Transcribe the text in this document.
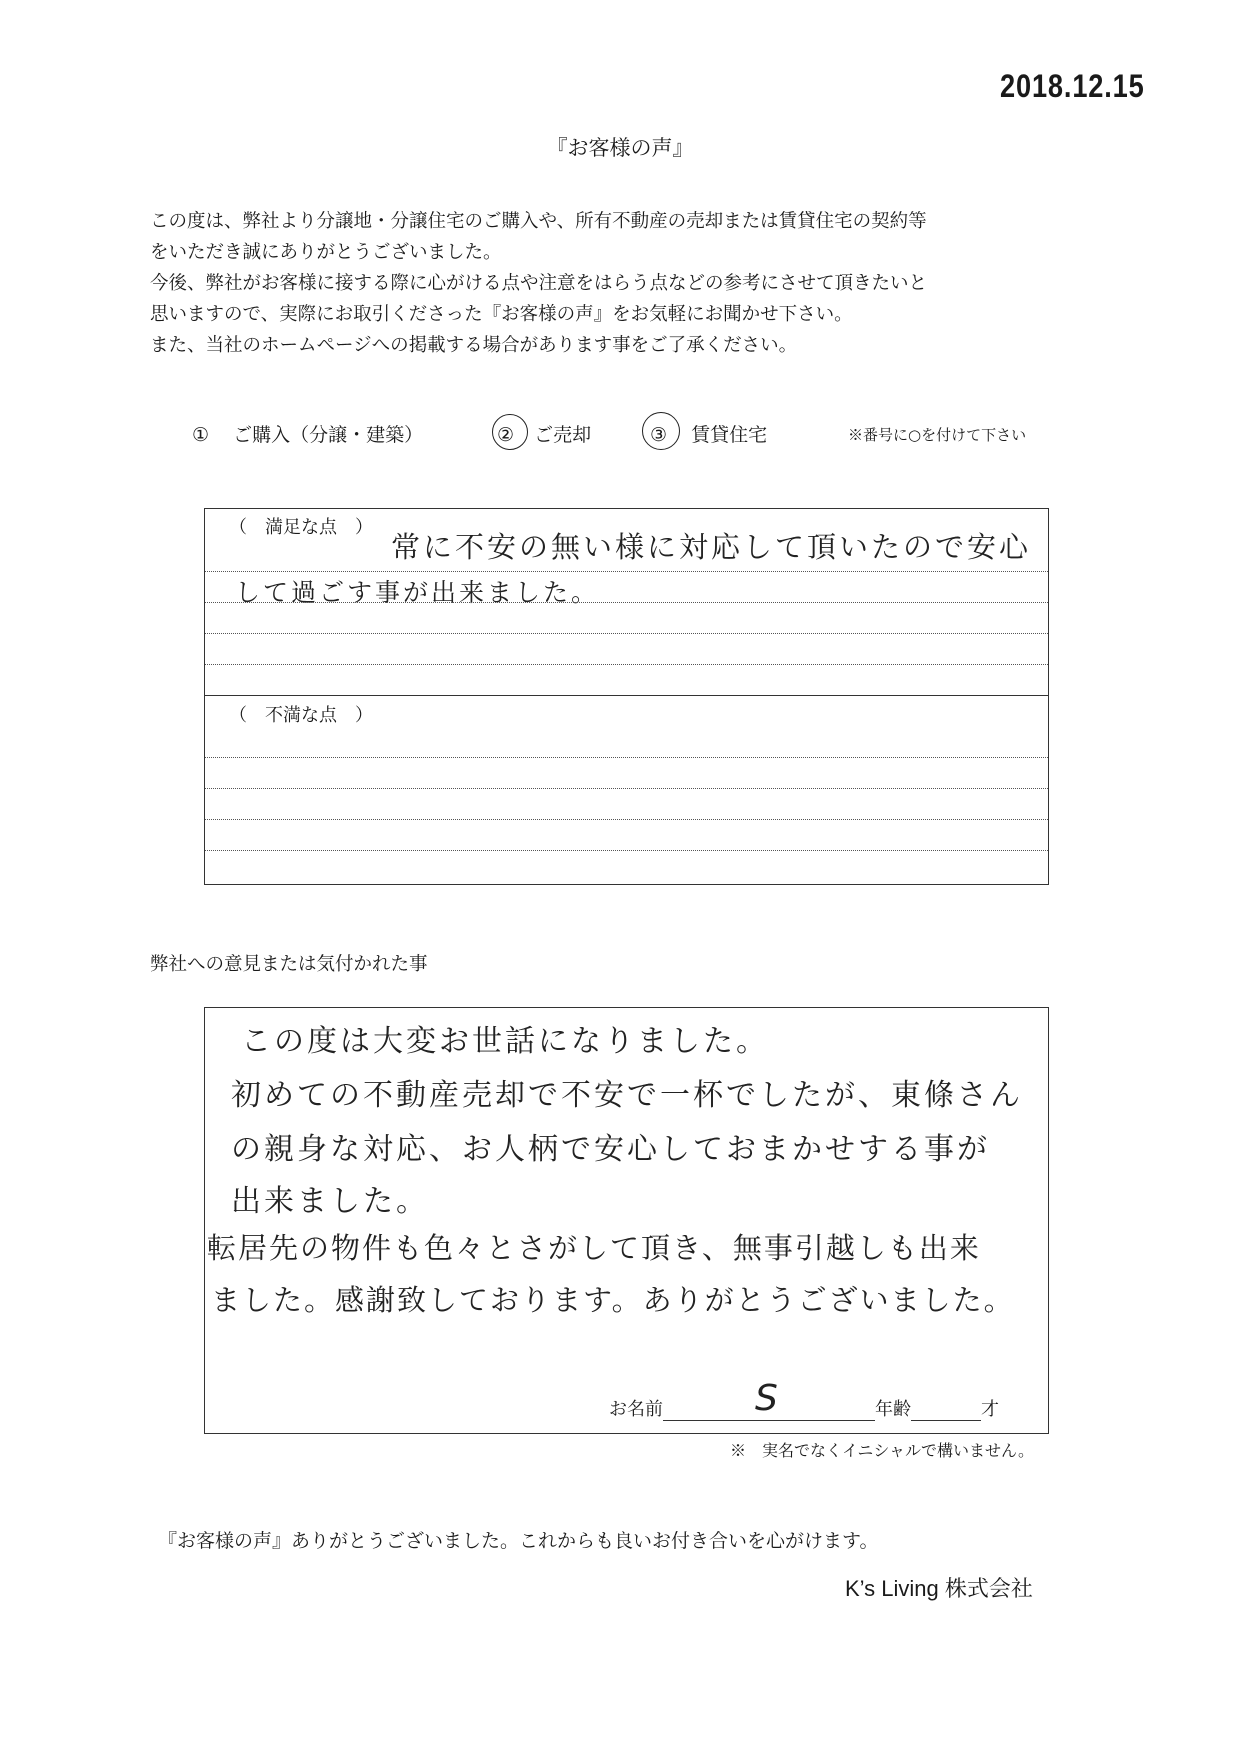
2018.12.15
『お客様の声』
この度は、弊社より分譲地・分譲住宅のご購入や、所有不動産の売却または賃貸住宅の契約等
をいただき誠にありがとうございました。
今後、弊社がお客様に接する際に心がける点や注意をはらう点などの参考にさせて頂きたいと
思いますので、実際にお取引くださった『お客様の声』をお気軽にお聞かせ下さい。
また、当社のホームページへの掲載する場合があります事をご了承ください。
① ご購入（分譲・建築）	② ご売却	③ 賃貸住宅	※番号に○を付けて下さい
（　満足な点　）
常に不安の無い様に対応して頂いたので安心
して過ごす事が出来ました。
（　不満な点　）
弊社への意見または気付かれた事
この度は大変お世話になりました。
初めての不動産売却で不安で一杯でしたが、東條さん
の親身な対応、お人柄で安心しておまかせする事が
出来ました。
転居先の物件も色々とさがして頂き、無事引越しも出来
ました。感謝致しております。ありがとうございました。
お名前	S	年齢	才
※　実名でなくイニシャルで構いません。
『お客様の声』ありがとうございました。これからも良いお付き合いを心がけます。
K’s Living 株式会社
